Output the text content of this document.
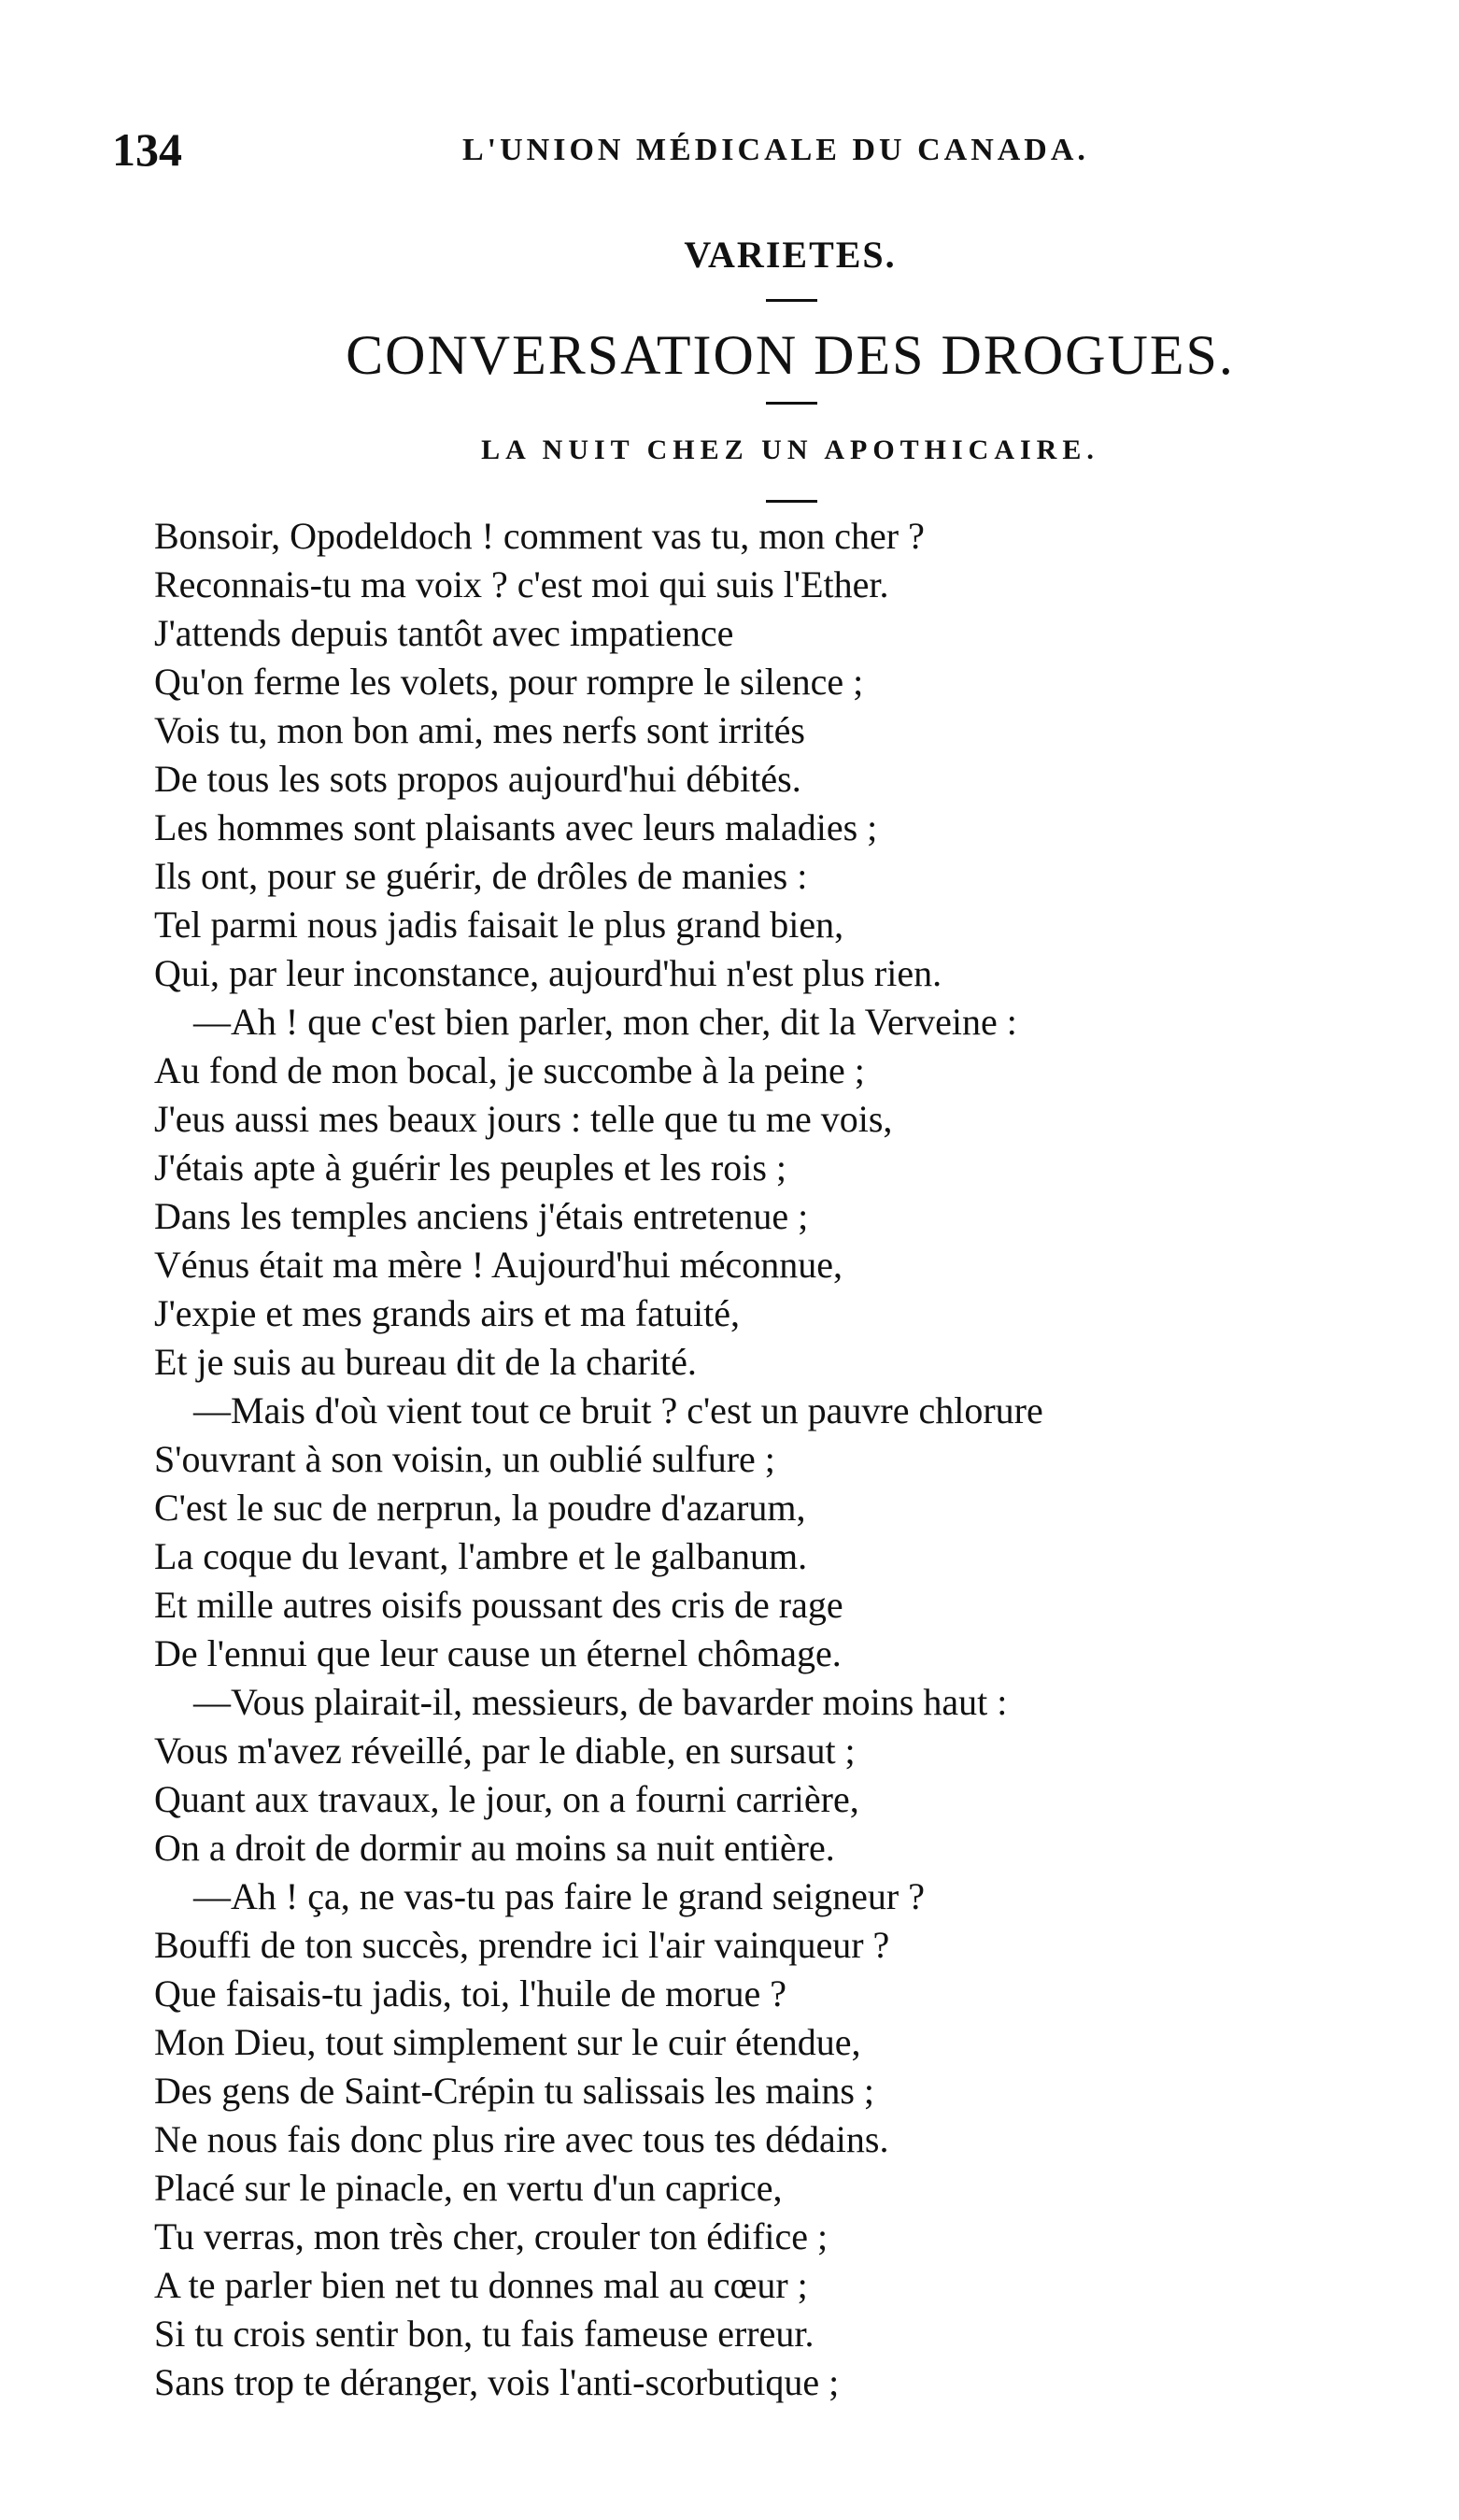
134	L'UNION MÉDICALE DU CANADA.
VARIETES.
CONVERSATION DES DROGUES.
LA NUIT CHEZ UN APOTHICAIRE.
Bonsoir, Opodeldoch ! comment vas tu, mon cher ?
Reconnais-tu ma voix ? c'est moi qui suis l'Ether.
J'attends depuis tantôt avec impatience
Qu'on ferme les volets, pour rompre le silence ;
Vois tu, mon bon ami, mes nerfs sont irrités
De tous les sots propos aujourd'hui débités.
Les hommes sont plaisants avec leurs maladies ;
Ils ont, pour se guérir, de drôles de manies :
Tel parmi nous jadis faisait le plus grand bien,
Qui, par leur inconstance, aujourd'hui n'est plus rien.
—Ah ! que c'est bien parler, mon cher, dit la Verveine :
Au fond de mon bocal, je succombe à la peine ;
J'eus aussi mes beaux jours : telle que tu me vois,
J'étais apte à guérir les peuples et les rois ;
Dans les temples anciens j'étais entretenue ;
Vénus était ma mère ! Aujourd'hui méconnue,
J'expie et mes grands airs et ma fatuité,
Et je suis au bureau dit de la charité.
—Mais d'où vient tout ce bruit ? c'est un pauvre chlorure
S'ouvrant à son voisin, un oublié sulfure ;
C'est le suc de nerprun, la poudre d'azarum,
La coque du levant, l'ambre et le galbanum.
Et mille autres oisifs poussant des cris de rage
De l'ennui que leur cause un éternel chômage.
—Vous plairait-il, messieurs, de bavarder moins haut :
Vous m'avez réveillé, par le diable, en sursaut ;
Quant aux travaux, le jour, on a fourni carrière,
On a droit de dormir au moins sa nuit entière.
—Ah ! ça, ne vas-tu pas faire le grand seigneur ?
Bouffi de ton succès, prendre ici l'air vainqueur ?
Que faisais-tu jadis, toi, l'huile de morue ?
Mon Dieu, tout simplement sur le cuir étendue,
Des gens de Saint-Crépin tu salissais les mains ;
Ne nous fais donc plus rire avec tous tes dédains.
Placé sur le pinacle, en vertu d'un caprice,
Tu verras, mon très cher, crouler ton édifice ;
A te parler bien net tu donnes mal au cœur ;
Si tu crois sentir bon, tu fais fameuse erreur.
Sans trop te déranger, vois l'anti-scorbutique ;
